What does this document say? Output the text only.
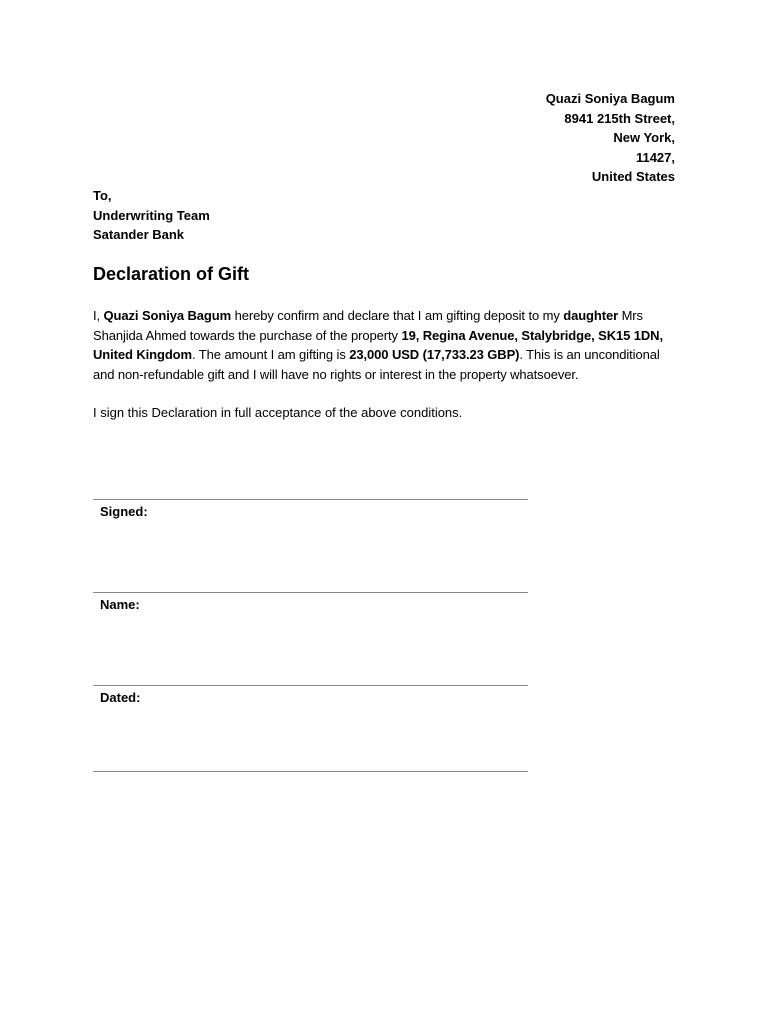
Quazi Soniya Bagum
8941 215th Street,
New York,
11427,
United States
To,
Underwriting Team
Satander Bank
Declaration of Gift

I, Quazi Soniya Bagum hereby confirm and declare that I am gifting deposit to my daughter Mrs Shanjida Ahmed towards the purchase of the property 19, Regina Avenue, Stalybridge, SK15 1DN, United Kingdom. The amount I am gifting is 23,000 USD (17,733.23 GBP). This is an unconditional and non-refundable gift and I will have no rights or interest in the property whatsoever.

I sign this Declaration in full acceptance of the above conditions.

Signed:
Name:
Dated:
